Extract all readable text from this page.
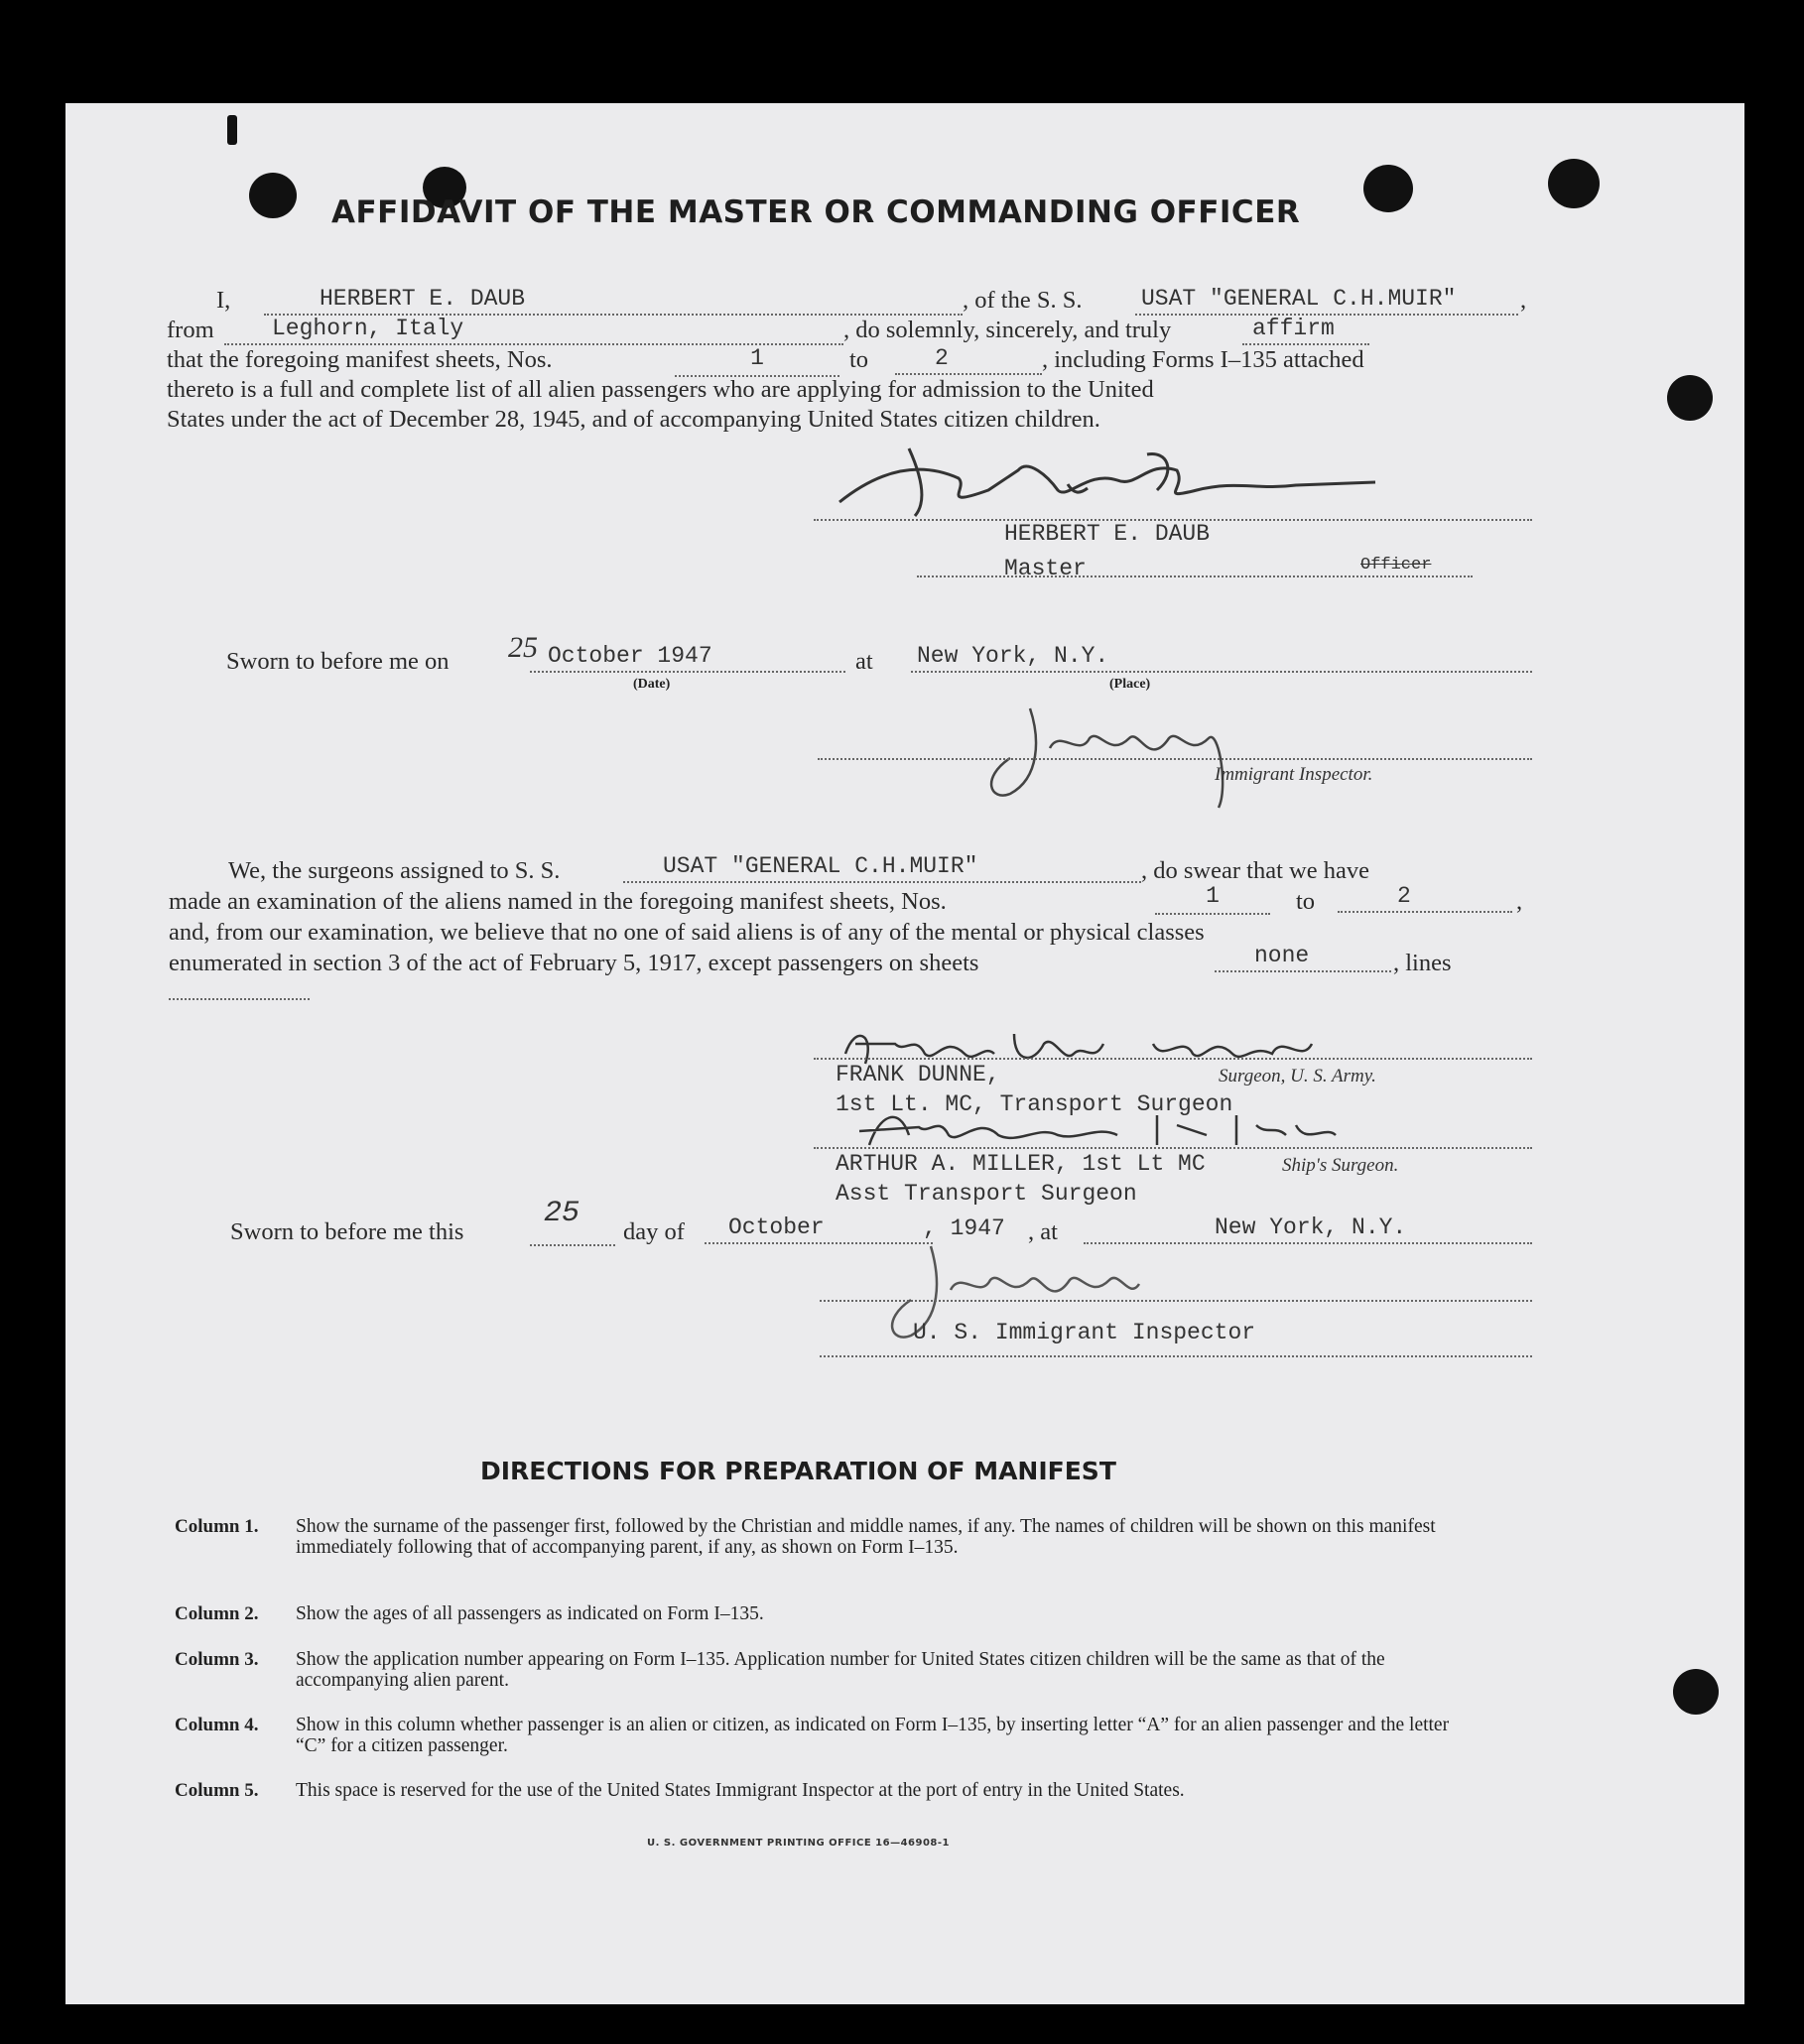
AFFIDAVIT OF THE MASTER OR COMMANDING OFFICER
I,	HERBERT E. DAUB	, of the S. S.	USAT "GENERAL C.H.MUIR"	,
from	Leghorn, Italy	, do solemnly, sincerely, and truly	affirm
that the foregoing manifest sheets, Nos.	1	to	2	, including Forms I–135 attached
thereto is a full and complete list of all alien passengers who are applying for admission to the United
States under the act of December 28, 1945, and of accompanying United States citizen children.
HERBERT E. DAUB
Master	Officer
Sworn to before me on 25 October 1947
(Date)
at New York, N.Y.
(Place)
Immigrant Inspector.
We, the surgeons assigned to S. S.	USAT "GENERAL C.H.MUIR"	, do swear that we have
made an examination of the aliens named in the foregoing manifest sheets, Nos.	1	to	2	,
and, from our examination, we believe that no one of said aliens is of any of the mental or physical classes
enumerated in section 3 of the act of February 5, 1917, except passengers on sheets	none	, lines
FRANK DUNNE,	Surgeon, U. S. Army.
1st Lt. MC, Transport Surgeon
ARTHUR A. MILLER, 1st Lt MC	Ship's Surgeon.
Asst Transport Surgeon
Sworn to before me this
25
day of	October	, 1947 , at	New York, N.Y.
U. S. Immigrant Inspector
DIRECTIONS FOR PREPARATION OF MANIFEST
Column 1. Show the surname of the passenger first, followed by the Christian and middle names, if any. The names of children will be shown on this manifest immediately following that of accompanying parent, if any, as shown on Form I–135.
Column 2. Show the ages of all passengers as indicated on Form I–135.
Column 3. Show the application number appearing on Form I–135. Application number for United States citizen children will be the same as that of the accompanying alien parent.
Column 4. Show in this column whether passenger is an alien or citizen, as indicated on Form I–135, by inserting letter “A” for an alien passenger and the letter “C” for a citizen passenger.
Column 5. This space is reserved for the use of the United States Immigrant Inspector at the port of entry in the United States.
U. S. GOVERNMENT PRINTING OFFICE 16—46908-1
